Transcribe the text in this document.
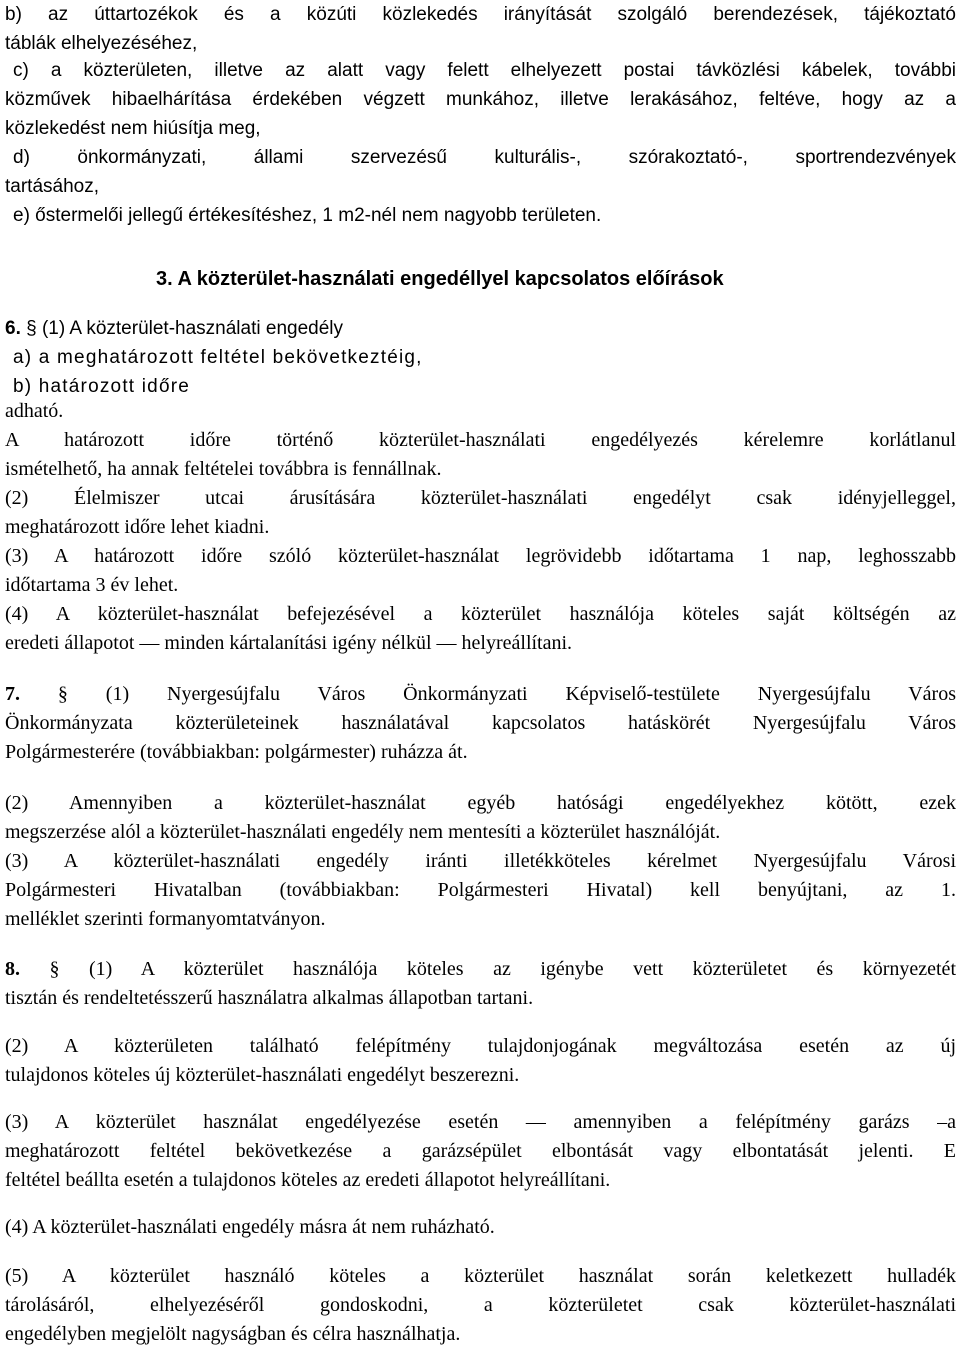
b) az úttartozékok és a közúti közlekedés irányítását szolgáló berendezések, tájékoztató
táblák elhelyezéséhez,
c) a közterületen, illetve az alatt vagy felett elhelyezett postai távközlési kábelek, további
közművek hibaelhárítása érdekében végzett munkához, illetve lerakásához, feltéve, hogy az a
közlekedést nem hiúsítja meg,
d) önkormányzati, állami szervezésű kulturális-, szórakoztató-, sportrendezvények
tartásához,
e) őstermelői jellegű értékesítéshez, 1 m2-nél nem nagyobb területen.
3. A közterület-használati engedéllyel kapcsolatos előírások
6. § (1) A közterület-használati engedély
a) a meghatározott feltétel bekövetkeztéig,
b) határozott időre
adható.
A határozott időre történő közterület-használati engedélyezés kérelemre korlátlanul
ismételhető, ha annak feltételei továbbra is fennállnak.
(2) Élelmiszer utcai árusítására közterület-használati engedélyt csak idényjelleggel,
meghatározott időre lehet kiadni.
(3) A határozott időre szóló közterület-használat legrövidebb időtartama 1 nap, leghosszabb
időtartama 3 év lehet.
(4) A közterület-használat befejezésével a közterület használója köteles saját költségén az
eredeti állapotot — minden kártalanítási igény nélkül — helyreállítani.
7. § (1) Nyergesújfalu Város Önkormányzati Képviselő-testülete Nyergesújfalu Város
Önkormányzata közterületeinek használatával kapcsolatos hatáskörét Nyergesújfalu Város
Polgármesterére (továbbiakban: polgármester) ruházza át.
(2) Amennyiben a közterület-használat egyéb hatósági engedélyekhez kötött, ezek
megszerzése alól a közterület-használati engedély nem mentesíti a közterület használóját.
(3) A közterület-használati engedély iránti illetékköteles kérelmet Nyergesújfalu Városi
Polgármesteri Hivatalban (továbbiakban: Polgármesteri Hivatal) kell benyújtani, az 1.
melléklet szerinti formanyomtatványon.
8. § (1) A közterület használója köteles az igénybe vett közterületet és környezetét
tisztán és rendeltetésszerű használatra alkalmas állapotban tartani.
(2) A közterületen található felépítmény tulajdonjogának megváltozása esetén az új
tulajdonos köteles új közterület-használati engedélyt beszerezni.
(3) A közterület használat engedélyezése esetén — amennyiben a felépítmény garázs –a
meghatározott feltétel bekövetkezése a garázsépület elbontását vagy elbontatását jelenti. E
feltétel beállta esetén a tulajdonos köteles az eredeti állapotot helyreállítani.
(4) A közterület-használati engedély másra át nem ruházható.
(5) A közterület használó köteles a közterület használat során keletkezett hulladék
tárolásáról, elhelyezéséről gondoskodni, a közterületet csak közterület-használati
engedélyben megjelölt nagyságban és célra használhatja.
